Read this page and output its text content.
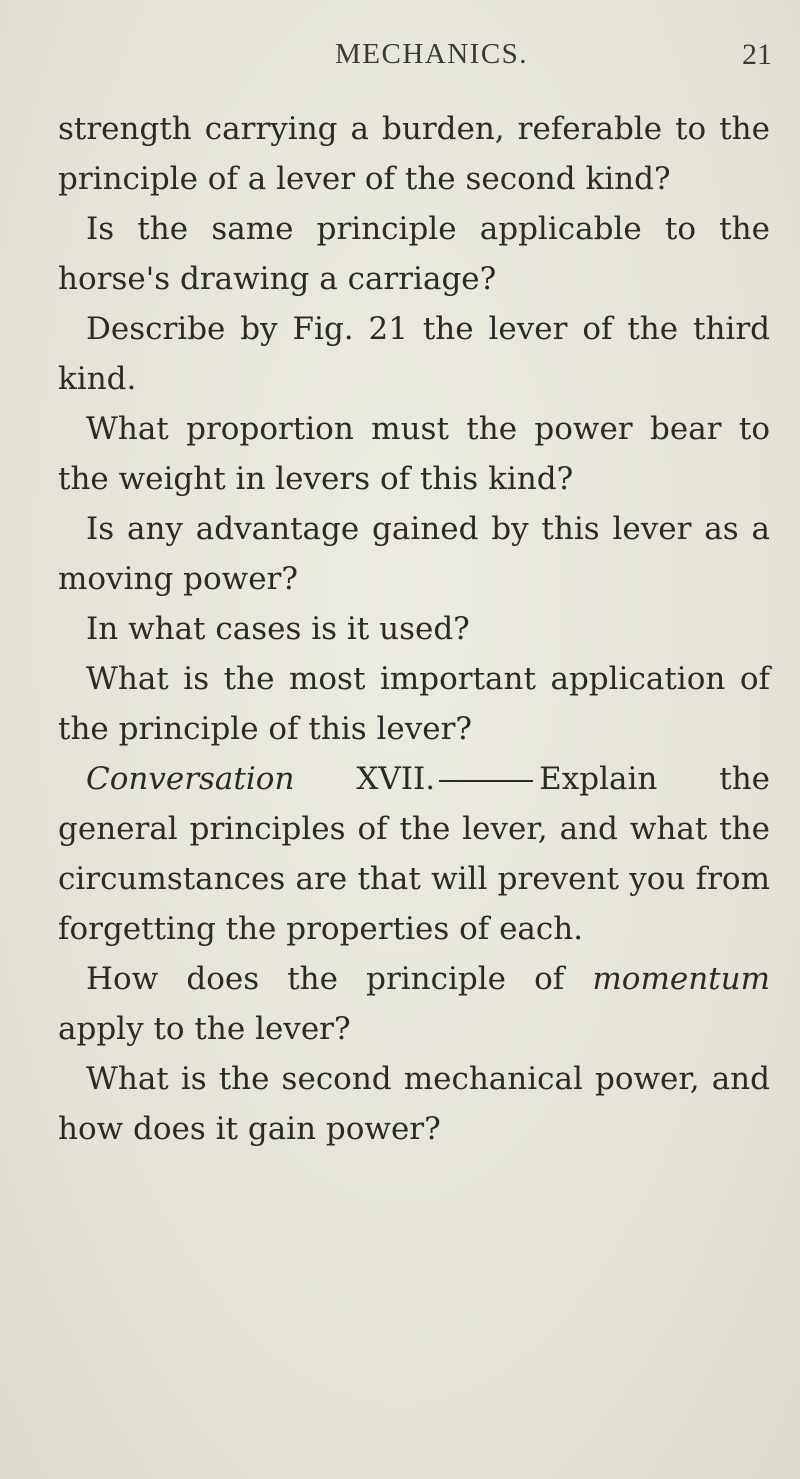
MECHANICS.	21

strength carrying a burden, referable to the principle of a lever of the second kind?

Is the same principle applicable to the horse's drawing a carriage?

Describe by Fig. 21 the lever of the third kind.

What proportion must the power bear to the weight in levers of this kind?

Is any advantage gained by this lever as a moving power?

In what cases is it used?

What is the most important application of the principle of this lever?

Conversation XVII.	Explain the general principles of the lever, and what the circumstances are that will prevent you from forgetting the properties of each.

How does the principle of momentum apply to the lever?

What is the second mechanical power, and how does it gain power?
